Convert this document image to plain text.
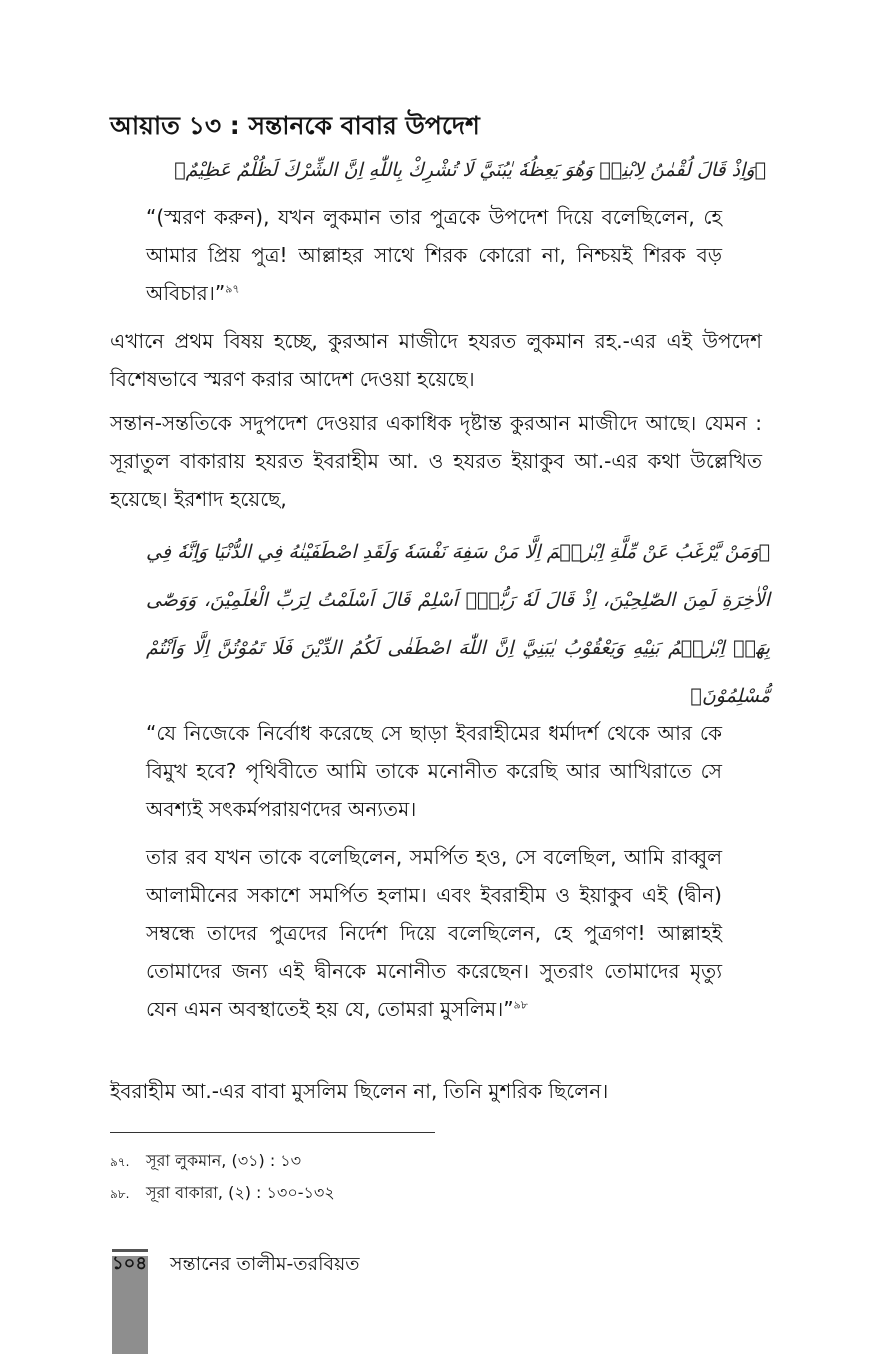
আয়াত ১৩ : সন্তানকে বাবার উপদেশ
﴿وَاِذْ قَالَ لُقْمٰنُ لِابْنِهٖ وَهُوَ يَعِظُهٗ يٰبُنَيَّ لَا تُشْرِكْ بِاللّٰهِ اِنَّ الشِّرْكَ لَظُلْمٌ عَظِيْمٌ﴾
“(স্মরণ করুন), যখন লুকমান তার পুত্রকে উপদেশ দিয়ে বলেছিলেন, হে আমার প্রিয় পুত্র! আল্লাহর সাথে শিরক কোরো না, নিশ্চয়ই শিরক বড় অবিচার।”$^{৯৭}$
এখানে প্রথম বিষয় হচ্ছে, কুরআন মাজীদে হযরত লুকমান রহ.-এর এই উপদেশ বিশেষভাবে স্মরণ করার আদেশ দেওয়া হয়েছে।
সন্তান-সন্ততিকে সদুপদেশ দেওয়ার একাধিক দৃষ্টান্ত কুরআন মাজীদে আছে। যেমন : সূরাতুল বাকারায় হযরত ইবরাহীম আ. ও হযরত ইয়াকুব আ.-এর কথা উল্লেখিত হয়েছে। ইরশাদ হয়েছে,
﴿وَمَنْ يَّرْغَبُ عَنْ مِّلَّةِ اِبْرٰهٖمَ اِلَّا مَنْ سَفِهَ نَفْسَهٗ وَلَقَدِ اصْطَفَيْنٰهُ فِي الدُّنْيَا وَاِنَّهٗ فِي الْاٰخِرَةِ لَمِنَ الصّٰلِحِيْنَ، اِذْ قَالَ لَهٗ رَبُّهٗۤ اَسْلِمْ قَالَ اَسْلَمْتُ لِرَبِّ الْعٰلَمِيْنَ، وَوَصّٰى بِهَاۤ اِبْرٰهٖمُ بَنِيْهِ وَيَعْقُوْبُ يٰبَنِيَّ اِنَّ اللّٰهَ اصْطَفٰى لَكُمُ الدِّيْنَ فَلَا تَمُوْتُنَّ اِلَّا وَاَنْتُمْ مُّسْلِمُوْنَ﴾
“যে নিজেকে নির্বোধ করেছে সে ছাড়া ইবরাহীমের ধর্মাদর্শ থেকে আর কে বিমুখ হবে? পৃথিবীতে আমি তাকে মনোনীত করেছি আর আখিরাতে সে অবশ্যই সৎকর্মপরায়ণদের অন্যতম।
তার রব যখন তাকে বলেছিলেন, সমর্পিত হও, সে বলেছিল, আমি রাব্বুল আলামীনের সকাশে সমর্পিত হলাম। এবং ইবরাহীম ও ইয়াকুব এই (দ্বীন) সম্বন্ধে তাদের পুত্রদের নির্দেশ দিয়ে বলেছিলেন, হে পুত্রগণ! আল্লাহই তোমাদের জন্য এই দ্বীনকে মনোনীত করেছেন। সুতরাং তোমাদের মৃত্যু যেন এমন অবস্থাতেই হয় যে, তোমরা মুসলিম।”$^{৯৮}$
ইবরাহীম আ.-এর বাবা মুসলিম ছিলেন না, তিনি মুশরিক ছিলেন।
৯৭. সূরা লুকমান, (৩১) : ১৩
৯৮. সূরা বাকারা, (২) : ১৩০-১৩২
১০৪ সন্তানের তালীম-তরবিয়ত
